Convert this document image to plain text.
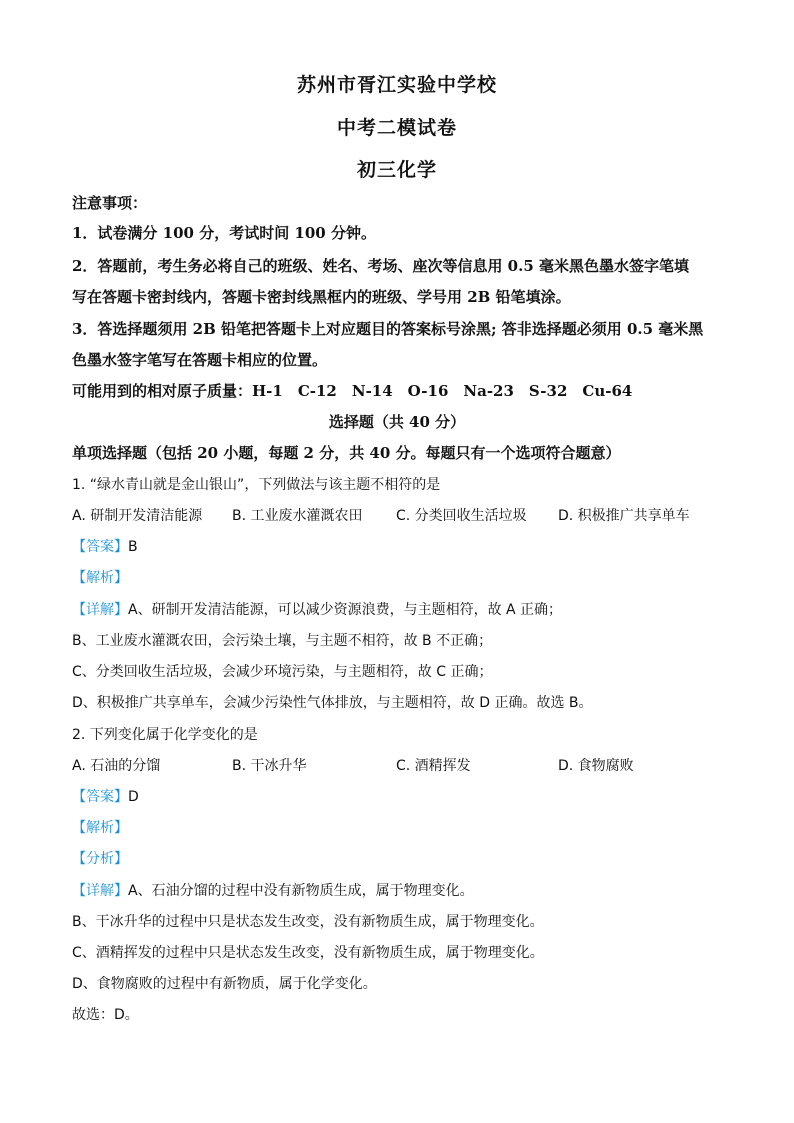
苏州市胥江实验中学校
中考二模试卷
初三化学
注意事项：
1．试卷满分 100 分，考试时间 100 分钟。
2．答题前，考生务必将自己的班级、姓名、考场、座次等信息用 0.5 毫米黑色墨水签字笔填
写在答题卡密封线内，答题卡密封线黑框内的班级、学号用 2B 铅笔填涂。
3．答选择题须用 2B 铅笔把答题卡上对应题目的答案标号涂黑; 答非选择题必须用 0.5 毫米黑
色墨水签字笔写在答题卡相应的位置。
可能用到的相对原子质量：H-1　C-12　N-14　O-16　Na-23　S-32　Cu-64
选择题（共 40 分）
单项选择题（包括 20 小题，每题 2 分，共 40 分。每题只有一个选项符合题意）
1. “绿水青山就是金山银山”，下列做法与该主题不相符的是
A. 研制开发清洁能源 B. 工业废水灌溉农田 C. 分类回收生活垃圾 D. 积极推广共享单车
【答案】B
【解析】
【详解】A、研制开发清洁能源，可以减少资源浪费，与主题相符，故 A 正确；
B、工业废水灌溉农田，会污染土壤，与主题不相符，故 B 不正确；
C、分类回收生活垃圾，会减少环境污染，与主题相符，故 C 正确；
D、积极推广共享单车，会减少污染性气体排放，与主题相符，故 D 正确。故选 B。
2. 下列变化属于化学变化的是
A. 石油的分馏	B. 干冰升华	C. 酒精挥发	D. 食物腐败
【答案】D
【解析】
【分析】
【详解】A、石油分馏的过程中没有新物质生成，属于物理变化。
B、干冰升华的过程中只是状态发生改变，没有新物质生成，属于物理变化。
C、酒精挥发的过程中只是状态发生改变，没有新物质生成，属于物理变化。
D、食物腐败的过程中有新物质，属于化学变化。
故选：D。
